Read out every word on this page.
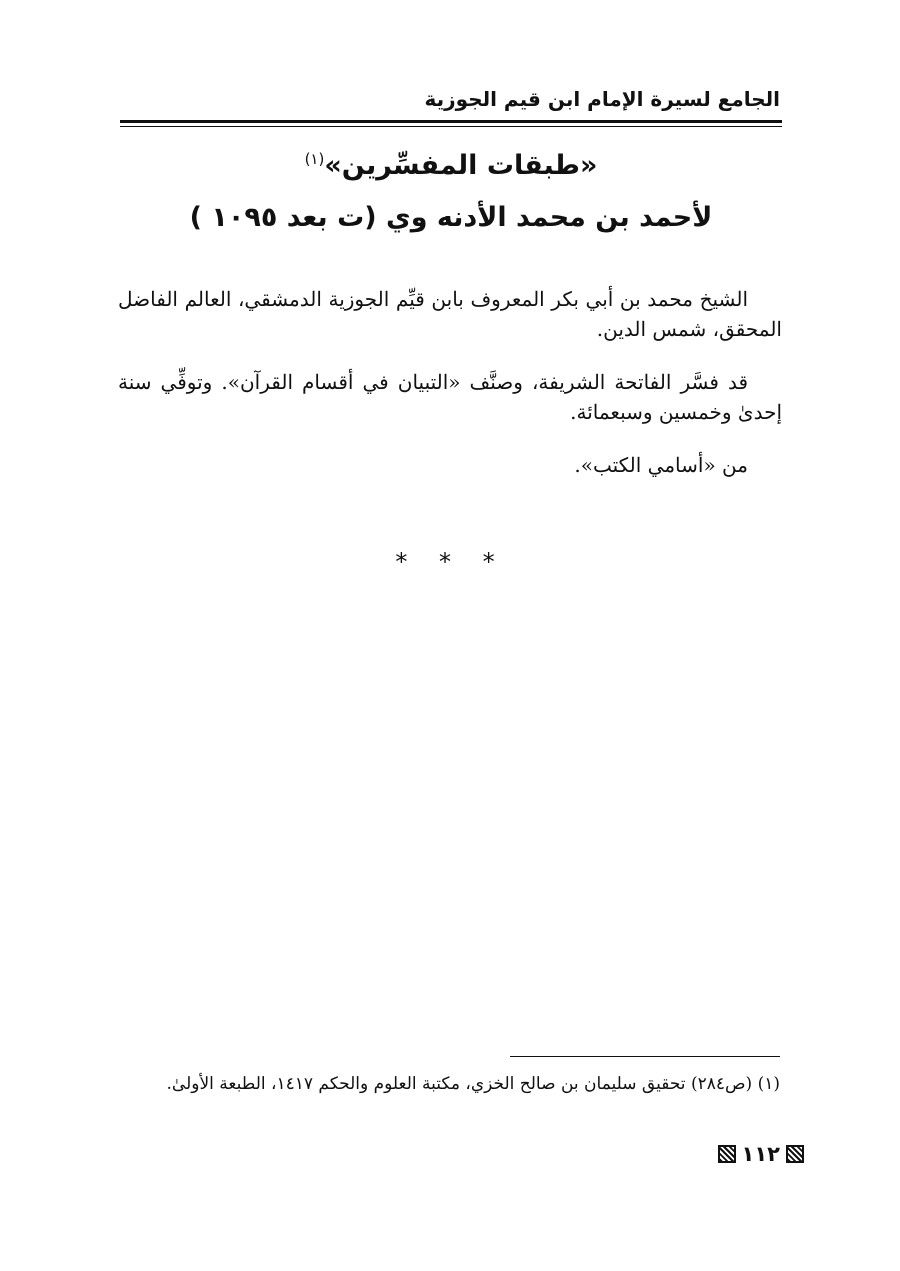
الجامع لسيرة الإمام ابن قيم الجوزية
«طبقات المفسِّرين»$^{(١)}$
لأحمد بن محمد الأدنه وي (ت بعد ١٠٩٥ )

الشيخ محمد بن أبي بكر المعروف بابن قيِّم الجوزية الدمشقي، العالم الفاضل المحقق، شمس الدين.

قد فسَّر الفاتحة الشريفة، وصنَّف «التبيان في أقسام القرآن». وتوفِّي سنة إحدىٰ وخمسين وسبعمائة.

من «أسامي الكتب».

* * *
(١) (ص٢٨٤) تحقيق سليمان بن صالح الخزي، مكتبة العلوم والحكم ١٤١٧، الطبعة الأولىٰ.
١١٢
